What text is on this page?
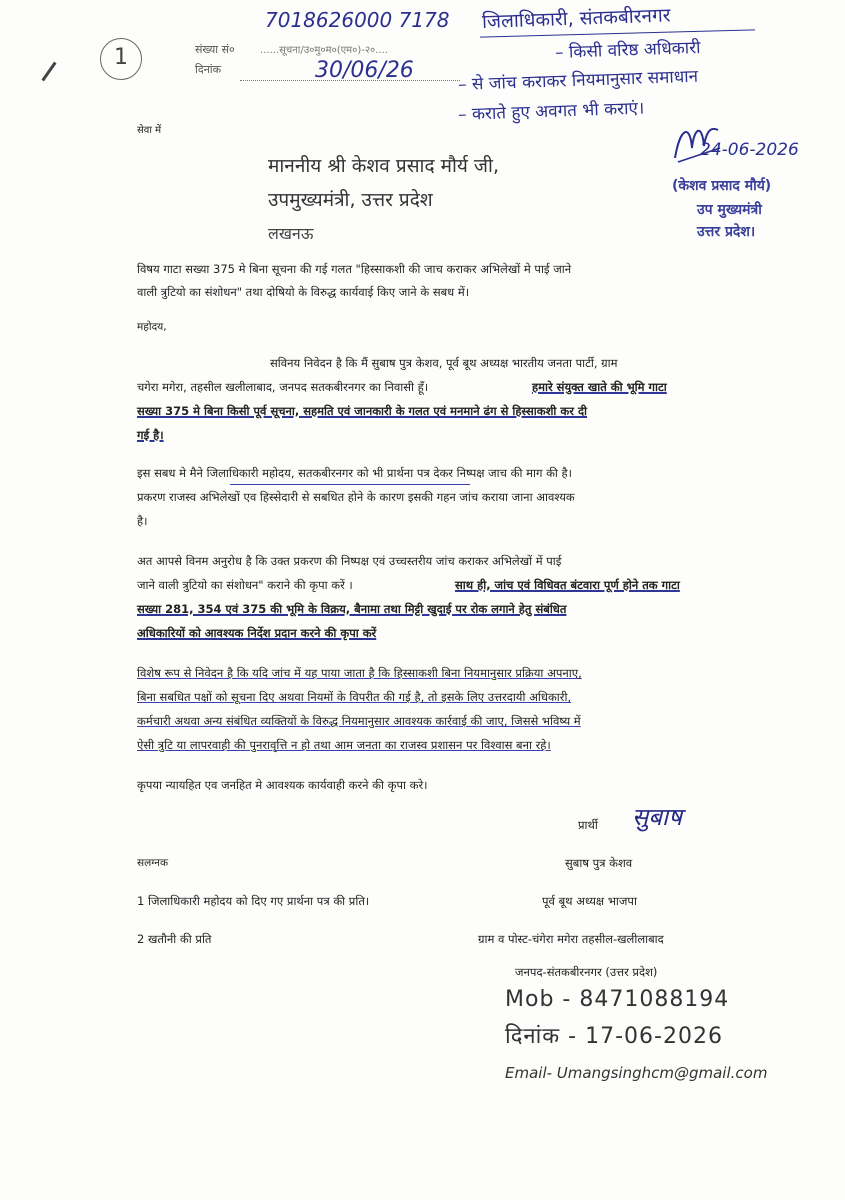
1
7018626000 7178
संख्या सं०	......सूचना/उ०मु०म०(एम०)-२०....
दिनांक	30/06/26
जिलाधिकारी, संतकबीरनगर
– किसी वरिष्ठ अधिकारी
– से जांच कराकर नियमानुसार समाधान
– कराते हुए अवगत भी कराएं।
24-06-2026
(केशव प्रसाद मौर्य)
उप मुख्यमंत्री
उत्तर प्रदेश।
सेवा में
माननीय श्री केशव प्रसाद मौर्य जी,
उपमुख्यमंत्री, उत्तर प्रदेश
लखनऊ
विषय गाटा सख्या 375 मे बिना सूचना की गई गलत "हिस्साकशी की जाच कराकर अभिलेखों मे पाई जाने
वाली त्रुटियो का संशोधन" तथा दोषियो के विरुद्ध कार्यवाई किए जाने के सबध में।
महोदय,
सविनय निवेदन है कि मैं सुबाष पुत्र केशव, पूर्व बूथ अध्यक्ष भारतीय जनता पार्टी, ग्राम
चगेरा मगेरा, तहसील खलीलाबाद, जनपद सतकबीरनगर का निवासी हूँ।	हमारे संयुक्त खाते की भूमि गाटा
सख्या 375 मे बिना किसी पूर्व सूचना, सहमति एवं जानकारी के गलत एवं मनमाने ढंग से हिस्साकशी कर दी
गई है।
इस सबध मे मैने जिलाधिकारी महोदय, सतकबीरनगर को भी प्रार्थना पत्र देकर निष्पक्ष जाच की माग की है।
प्रकरण राजस्व अभिलेखों एव हिस्सेदारी से सबधित होने के कारण इसकी गहन जांच कराया जाना आवश्यक
है।
अत आपसे विनम अनुरोध है कि उक्त प्रकरण की निष्पक्ष एवं उच्चस्तरीय जांच कराकर अभिलेखों में पाई
जाने वाली त्रुटियो का संशोधन" कराने की कृपा करें ।	साथ ही, जांच एवं विधिवत बंटवारा पूर्ण होने तक गाटा
सख्या 281, 354 एवं 375 की भूमि के विक्रय, बैनामा तथा मिट्टी खुदाई पर रोक लगाने हेतु संबंधित
अधिकारियों को आवश्यक निर्देश प्रदान करने की कृपा करें
विशेष रूप से निवेदन है कि यदि जांच में यह पाया जाता है कि हिस्साकशी बिना नियमानुसार प्रक्रिया अपनाए,
बिना सबधित पक्षों को सूचना दिए अथवा नियमों के विपरीत की गई है, तो इसके लिए उत्तरदायी अधिकारी,
कर्मचारी अथवा अन्य संबंधित व्यक्तियों के विरुद्ध नियमानुसार आवश्यक कार्रवाई की जाए, जिससे भविष्य में
ऐसी त्रुटि या लापरवाही की पुनरावृत्ति न हो तथा आम जनता का राजस्व प्रशासन पर विश्वास बना रहे।
कृपया न्यायहित एव जनहित मे आवश्यक कार्यवाही करने की कृपा करे।
प्रार्थी सुबाष
सलग्नक	सुबाष पुत्र केशव
1 जिलाधिकारी महोदय को दिए गए प्रार्थना पत्र की प्रति।	पूर्व बूथ अध्यक्ष भाजपा
2 खतौनी की प्रति	ग्राम व पोस्ट-चंगेरा मगेरा तहसील-खलीलाबाद
जनपद-संतकबीरनगर (उत्तर प्रदेश)
Mob - 8471088194
दिनांक - 17-06-2026
Email- Umangsinghcm@gmail.com
